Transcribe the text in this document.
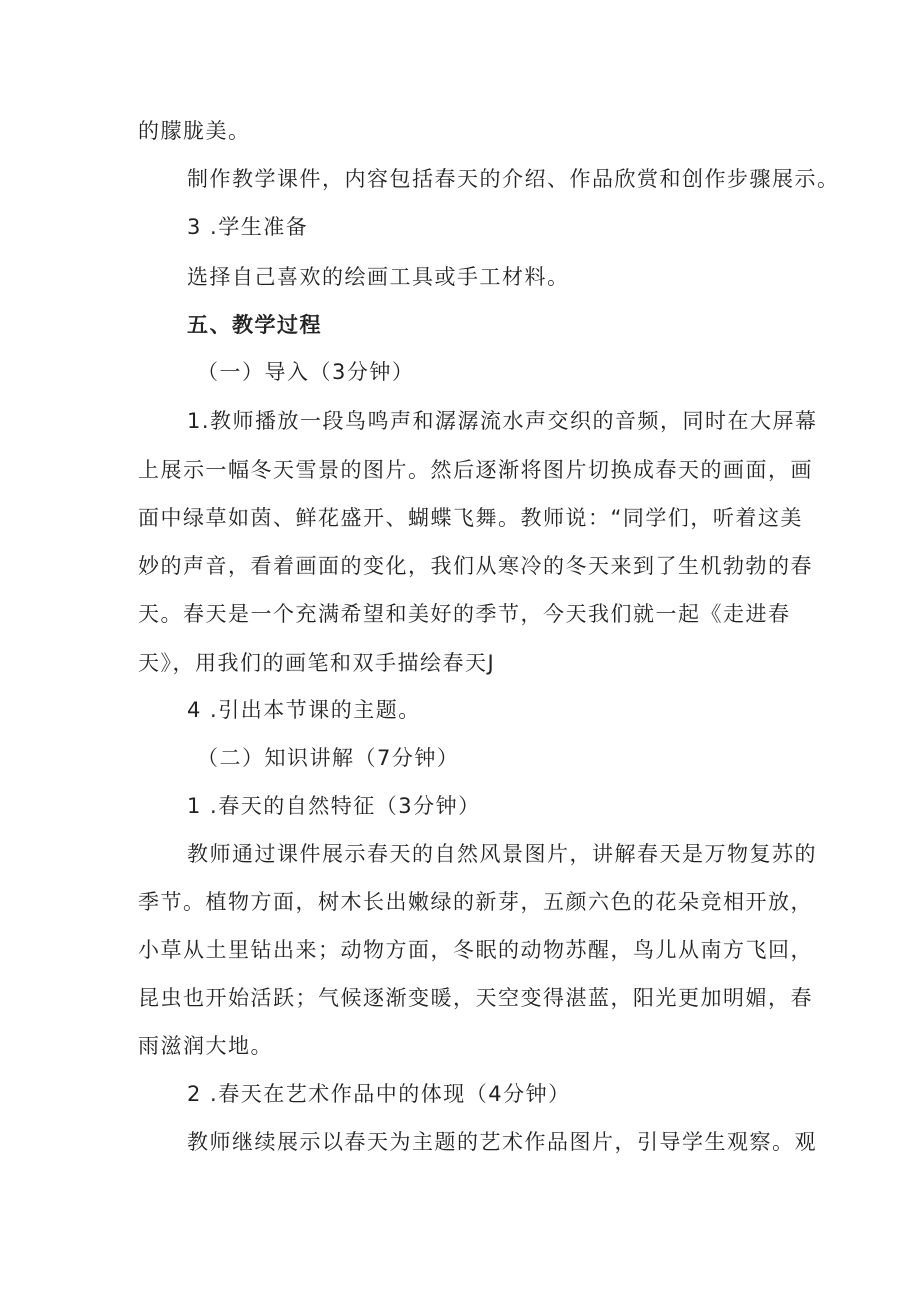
的朦胧美。
制作教学课件，内容包括春天的介绍、作品欣赏和创作步骤展示。
3 .学生准备
选择自己喜欢的绘画工具或手工材料。
五、教学过程
（一）导入（3分钟）
1.教师播放一段鸟鸣声和潺潺流水声交织的音频，同时在大屏幕
上展示一幅冬天雪景的图片。然后逐渐将图片切换成春天的画面，画
面中绿草如茵、鲜花盛开、蝴蝶飞舞。教师说：“同学们，听着这美
妙的声音，看着画面的变化，我们从寒冷的冬天来到了生机勃勃的春
天。春天是一个充满希望和美好的季节，今天我们就一起《走进春
天》，用我们的画笔和双手描绘春天J
4 .引出本节课的主题。
（二）知识讲解（7分钟）
1 .春天的自然特征（3分钟）
教师通过课件展示春天的自然风景图片，讲解春天是万物复苏的
季节。植物方面，树木长出嫩绿的新芽，五颜六色的花朵竞相开放，
小草从土里钻出来；动物方面，冬眠的动物苏醒，鸟儿从南方飞回，
昆虫也开始活跃；气候逐渐变暖，天空变得湛蓝，阳光更加明媚，春
雨滋润大地。
2 .春天在艺术作品中的体现（4分钟）
教师继续展示以春天为主题的艺术作品图片，引导学生观察。观
